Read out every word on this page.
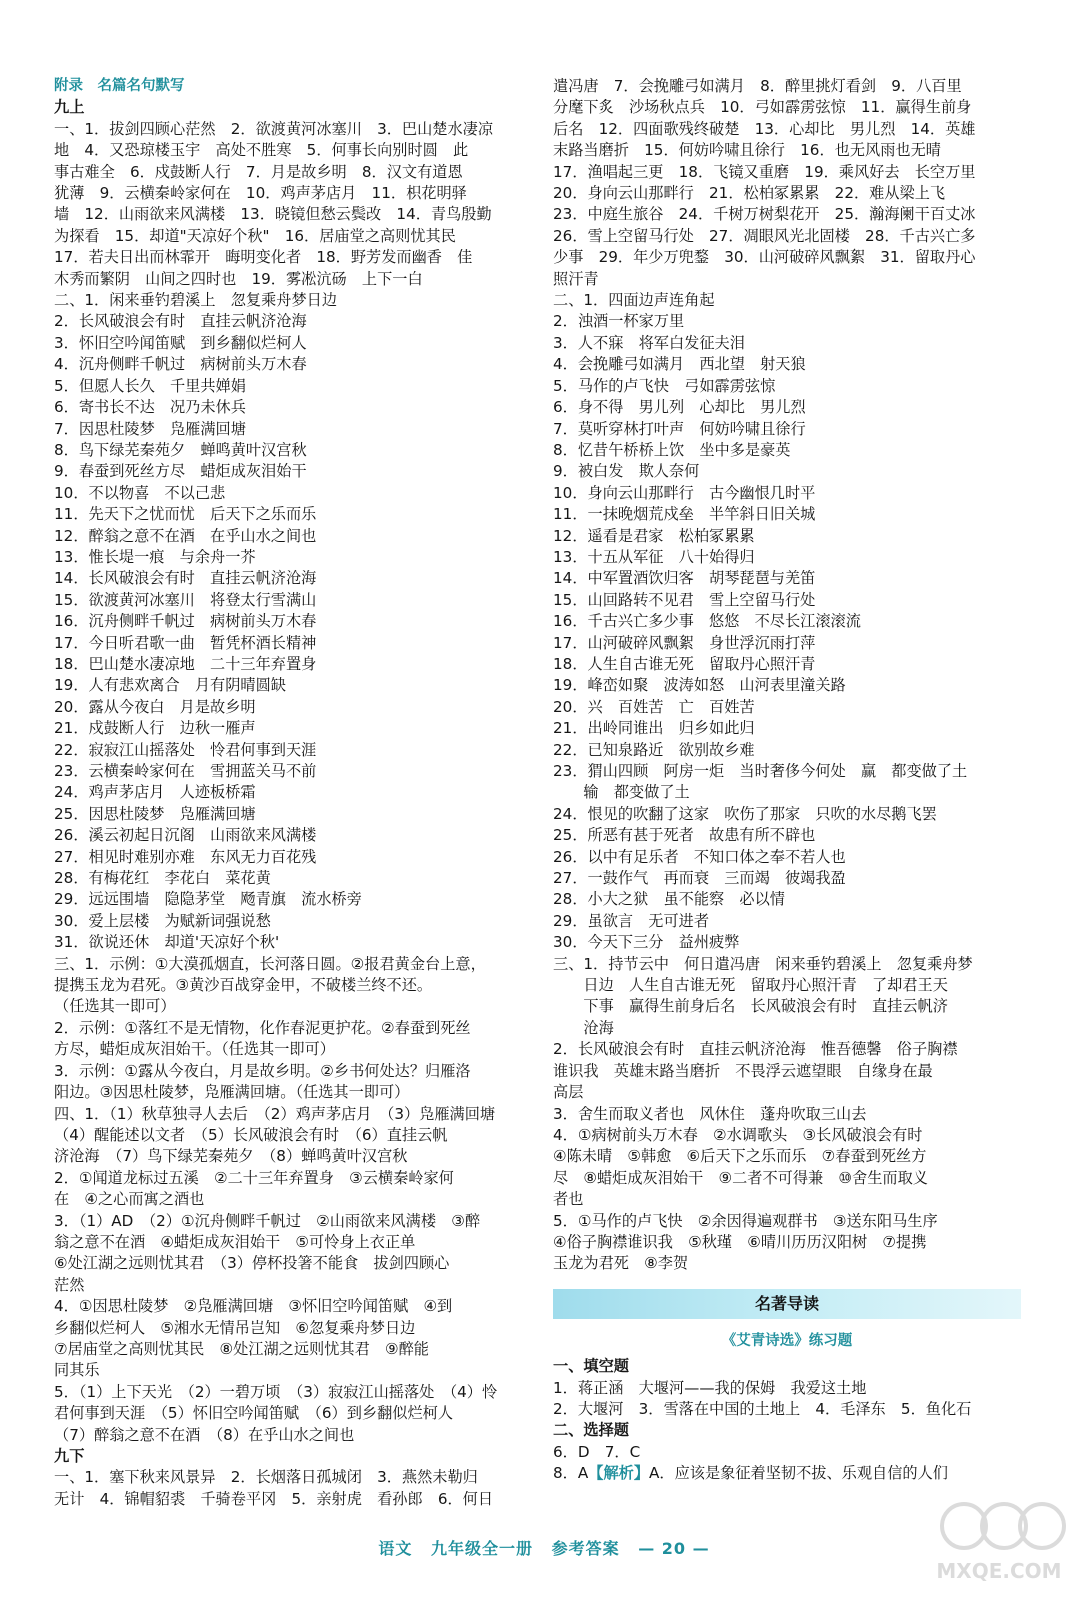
附录　名篇名句默写
九上
一、1．拔剑四顾心茫然　2．欲渡黄河冰塞川　3．巴山楚水凄凉
地　4．又恐琼楼玉宇　高处不胜寒　5．何事长向别时圆　此
事古难全　6．戍鼓断人行　7．月是故乡明　8．汉文有道恩
犹薄　9．云横秦岭家何在　10．鸡声茅店月　11．枳花明驿
墙　12．山雨欲来风满楼　13．晓镜但愁云鬓改　14．青鸟殷勤
为探看　15．却道"天凉好个秋"　16．居庙堂之高则忧其民
17．若夫日出而林霏开　晦明变化者　18．野芳发而幽香　佳
木秀而繁阴　山间之四时也　19．雾凇沆砀　上下一白
二、1．闲来垂钓碧溪上　忽复乘舟梦日边
2．长风破浪会有时　直挂云帆济沧海
3．怀旧空吟闻笛赋　到乡翻似烂柯人
4．沉舟侧畔千帆过　病树前头万木春
5．但愿人长久　千里共婵娟
6．寄书长不达　况乃未休兵
7．因思杜陵梦　凫雁满回塘
8．鸟下绿芜秦苑夕　蝉鸣黄叶汉宫秋
9．春蚕到死丝方尽　蜡炬成灰泪始干
10．不以物喜　不以己悲
11．先天下之忧而忧　后天下之乐而乐
12．醉翁之意不在酒　在乎山水之间也
13．惟长堤一痕　与余舟一芥
14．长风破浪会有时　直挂云帆济沧海
15．欲渡黄河冰塞川　将登太行雪满山
16．沉舟侧畔千帆过　病树前头万木春
17．今日听君歌一曲　暂凭杯酒长精神
18．巴山楚水凄凉地　二十三年弃置身
19．人有悲欢离合　月有阴晴圆缺
20．露从今夜白　月是故乡明
21．戍鼓断人行　边秋一雁声
22．寂寂江山摇落处　怜君何事到天涯
23．云横秦岭家何在　雪拥蓝关马不前
24．鸡声茅店月　人迹板桥霜
25．因思杜陵梦　凫雁满回塘
26．溪云初起日沉阁　山雨欲来风满楼
27．相见时难别亦难　东风无力百花残
28．有梅花红　李花白　菜花黄
29．远远围墙　隐隐茅堂　飏青旗　流水桥旁
30．爱上层楼　为赋新词强说愁
31．欲说还休　却道'天凉好个秋'
三、1．示例：①大漠孤烟直，长河落日圆。②报君黄金台上意，
提携玉龙为君死。③黄沙百战穿金甲，不破楼兰终不还。
（任选其一即可）
2．示例：①落红不是无情物，化作春泥更护花。②春蚕到死丝
方尽，蜡炬成灰泪始干。（任选其一即可）
3．示例：①露从今夜白，月是故乡明。②乡书何处达？归雁洛
阳边。③因思杜陵梦，凫雁满回塘。（任选其一即可）
四、1．（1）秋草独寻人去后　（2）鸡声茅店月　（3）凫雁满回塘
（4）醒能述以文者　（5）长风破浪会有时　（6）直挂云帆
济沧海　（7）鸟下绿芜秦苑夕　（8）蝉鸣黄叶汉宫秋
2．①闻道龙标过五溪　②二十三年弃置身　③云横秦岭家何
在　④之心而寓之酒也
3．（1）AD　（2）①沉舟侧畔千帆过　②山雨欲来风满楼　③醉
翁之意不在酒　④蜡炬成灰泪始干　⑤可怜身上衣正单
⑥处江湖之远则忧其君　（3）停杯投箸不能食　拔剑四顾心
茫然
4．①因思杜陵梦　②凫雁满回塘　③怀旧空吟闻笛赋　④到
乡翻似烂柯人　⑤湘水无情吊岂知　⑥忽复乘舟梦日边
⑦居庙堂之高则忧其民　⑧处江湖之远则忧其君　⑨醉能
同其乐
5．（1）上下天光　（2）一碧万顷　（3）寂寂江山摇落处　（4）怜
君何事到天涯　（5）怀旧空吟闻笛赋　（6）到乡翻似烂柯人
（7）醉翁之意不在酒　（8）在乎山水之间也
九下
一、1．塞下秋来风景异　2．长烟落日孤城闭　3．燕然未勒归
无计　4．锦帽貂裘　千骑卷平冈　5．亲射虎　看孙郎　6．何日
遣冯唐　7．会挽雕弓如满月　8．醉里挑灯看剑　9．八百里
分麾下炙　沙场秋点兵　10．弓如霹雳弦惊　11．赢得生前身
后名　12．四面歌残终破楚　13．心却比　男儿烈　14．英雄
末路当磨折　15．何妨吟啸且徐行　16．也无风雨也无晴
17．渔唱起三更　18．飞镜又重磨　19．乘风好去　长空万里
20．身向云山那畔行　21．松柏冢累累　22．难从梁上飞
23．中庭生旅谷　24．千树万树梨花开　25．瀚海阑干百丈冰
26．雪上空留马行处　27．凋眼风光北固楼　28．千古兴亡多
少事　29．年少万兜鍪　30．山河破碎风飘絮　31．留取丹心
照汗青
二、1．四面边声连角起
2．浊酒一杯家万里
3．人不寐　将军白发征夫泪
4．会挽雕弓如满月　西北望　射天狼
5．马作的卢飞快　弓如霹雳弦惊
6．身不得　男儿列　心却比　男儿烈
7．莫听穿林打叶声　何妨吟啸且徐行
8．忆昔午桥桥上饮　坐中多是豪英
9．被白发　欺人奈何
10．身向云山那畔行　古今幽恨几时平
11．一抹晚烟荒戍垒　半竿斜日旧关城
12．遥看是君家　松柏冢累累
13．十五从军征　八十始得归
14．中军置酒饮归客　胡琴琵琶与羌笛
15．山回路转不见君　雪上空留马行处
16．千古兴亡多少事　悠悠　不尽长江滚滚流
17．山河破碎风飘絮　身世浮沉雨打萍
18．人生自古谁无死　留取丹心照汗青
19．峰峦如聚　波涛如怒　山河表里潼关路
20．兴　百姓苦　亡　百姓苦
21．出岭同谁出　归乡如此归
22．已知泉路近　欲别故乡难
23．猬山四顾　阿房一炬　当时奢侈今何处　赢　都变做了土
　　输　都变做了土
24．恨见的吹翻了这家　吹伤了那家　只吹的水尽鹅飞罢
25．所恶有甚于死者　故患有所不辟也
26．以中有足乐者　不知口体之奉不若人也
27．一鼓作气　再而衰　三而竭　彼竭我盈
28．小大之狱　虽不能察　必以情
29．虽欲言　无可进者
30．今天下三分　益州疲弊
三、1．持节云中　何日遣冯唐　闲来垂钓碧溪上　忽复乘舟梦
　　日边　人生自古谁无死　留取丹心照汗青　了却君王天
　　下事　赢得生前身后名　长风破浪会有时　直挂云帆济
　　沧海
2．长风破浪会有时　直挂云帆济沧海　惟吾德馨　俗子胸襟
谁识我　英雄末路当磨折　不畏浮云遮望眼　自缘身在最
高层
3．舍生而取义者也　风休住　蓬舟吹取三山去
4．①病树前头万木春　②水调歌头　③长风破浪会有时
④陈未晴　⑤韩愈　⑥后天下之乐而乐　⑦春蚕到死丝方
尽　⑧蜡炬成灰泪始干　⑨二者不可得兼　⑩舍生而取义
者也
5．①马作的卢飞快　②余因得遍观群书　③送东阳马生序
④俗子胸襟谁识我　⑤秋瑾　⑥晴川历历汉阳树　⑦提携
玉龙为君死　⑧李贺
名著导读
《艾青诗选》练习题
一、填空题
1．蒋正涵　大堰河——我的保姆　我爱这土地
2．大堰河　3．雪落在中国的土地上　4．毛泽东　5．鱼化石
二、选择题
6．D　7．C
8．A【解析】A．应该是象征着坚韧不拔、乐观自信的人们
语文 九年级全一册 参考答案 — 20 —
MXQE.COM
